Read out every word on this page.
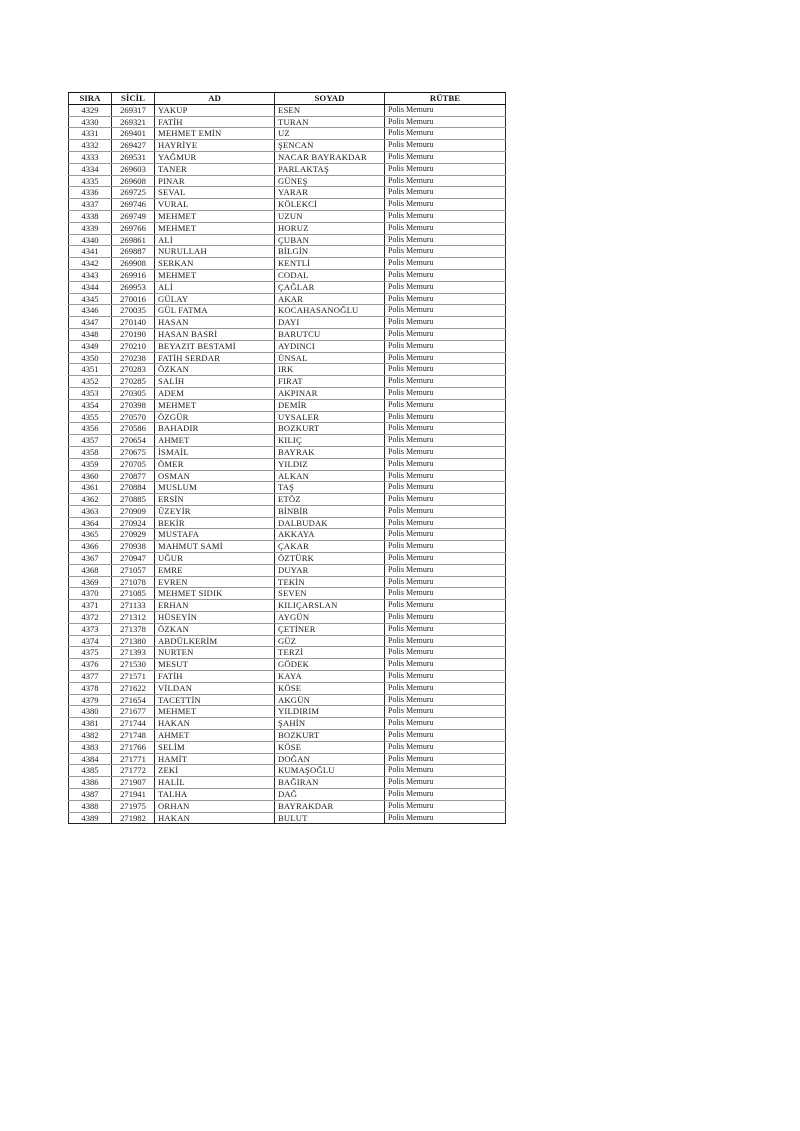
SIRA	SİCİL	AD	SOYAD	RÜTBE
4329	269317	YAKUP	ESEN	Polis Memuru
4330	269321	FATİH	TURAN	Polis Memuru
4331	269401	MEHMET EMİN	UZ	Polis Memuru
4332	269427	HAYRİYE	ŞENCAN	Polis Memuru
4333	269531	YAĞMUR	NACAR BAYRAKDAR	Polis Memuru
4334	269603	TANER	PARLAKTAŞ	Polis Memuru
4335	269608	PINAR	GÜNEŞ	Polis Memuru
4336	269725	SEVAL	YARAR	Polis Memuru
4337	269746	VURAL	KÖLEKCİ	Polis Memuru
4338	269749	MEHMET	UZUN	Polis Memuru
4339	269766	MEHMET	HORUZ	Polis Memuru
4340	269861	ALİ	ÇUBAN	Polis Memuru
4341	269887	NURULLAH	BİLGİN	Polis Memuru
4342	269908	SERKAN	KENTLİ	Polis Memuru
4343	269916	MEHMET	CODAL	Polis Memuru
4344	269953	ALİ	ÇAĞLAR	Polis Memuru
4345	270016	GÜLAY	AKAR	Polis Memuru
4346	270035	GÜL FATMA	KOCAHASANOĞLU	Polis Memuru
4347	270140	HASAN	DAYI	Polis Memuru
4348	270190	HASAN BASRİ	BARUTCU	Polis Memuru
4349	270210	BEYAZIT BESTAMİ	AYDINCI	Polis Memuru
4350	270238	FATİH SERDAR	ÜNSAL	Polis Memuru
4351	270283	ÖZKAN	IRK	Polis Memuru
4352	270285	SALİH	FIRAT	Polis Memuru
4353	270305	ADEM	AKPINAR	Polis Memuru
4354	270398	MEHMET	DEMİR	Polis Memuru
4355	270570	ÖZGÜR	UYSALER	Polis Memuru
4356	270586	BAHADIR	BOZKURT	Polis Memuru
4357	270654	AHMET	KILIÇ	Polis Memuru
4358	270675	İSMAİL	BAYRAK	Polis Memuru
4359	270705	ÖMER	YILDIZ	Polis Memuru
4360	270877	OSMAN	ALKAN	Polis Memuru
4361	270884	MUSLUM	TAŞ	Polis Memuru
4362	270885	ERSİN	ETÖZ	Polis Memuru
4363	270909	ÜZEYİR	BİNBİR	Polis Memuru
4364	270924	BEKİR	DALBUDAK	Polis Memuru
4365	270929	MUSTAFA	AKKAYA	Polis Memuru
4366	270938	MAHMUT SAMİ	ÇAKAR	Polis Memuru
4367	270947	UĞUR	ÖZTÜRK	Polis Memuru
4368	271057	EMRE	DUYAR	Polis Memuru
4369	271078	EVREN	TEKİN	Polis Memuru
4370	271085	MEHMET SIDIK	SEVEN	Polis Memuru
4371	271133	ERHAN	KILIÇARSLAN	Polis Memuru
4372	271312	HÜSEYİN	AYGÜN	Polis Memuru
4373	271378	ÖZKAN	ÇETİNER	Polis Memuru
4374	271380	ABDÜLKERİM	GÜZ	Polis Memuru
4375	271393	NURTEN	TERZİ	Polis Memuru
4376	271530	MESUT	GÖDEK	Polis Memuru
4377	271571	FATİH	KAYA	Polis Memuru
4378	271622	VİLDAN	KÖSE	Polis Memuru
4379	271654	TACETTİN	AKGÜN	Polis Memuru
4380	271677	MEHMET	YILDIRIM	Polis Memuru
4381	271744	HAKAN	ŞAHİN	Polis Memuru
4382	271748	AHMET	BOZKURT	Polis Memuru
4383	271766	SELİM	KÖSE	Polis Memuru
4384	271771	HAMİT	DOĞAN	Polis Memuru
4385	271772	ZEKİ	KUMAŞOĞLU	Polis Memuru
4386	271907	HALİL	BAĞIRAN	Polis Memuru
4387	271941	TALHA	DAĞ	Polis Memuru
4388	271975	ORHAN	BAYRAKDAR	Polis Memuru
4389	271982	HAKAN	BULUT	Polis Memuru
